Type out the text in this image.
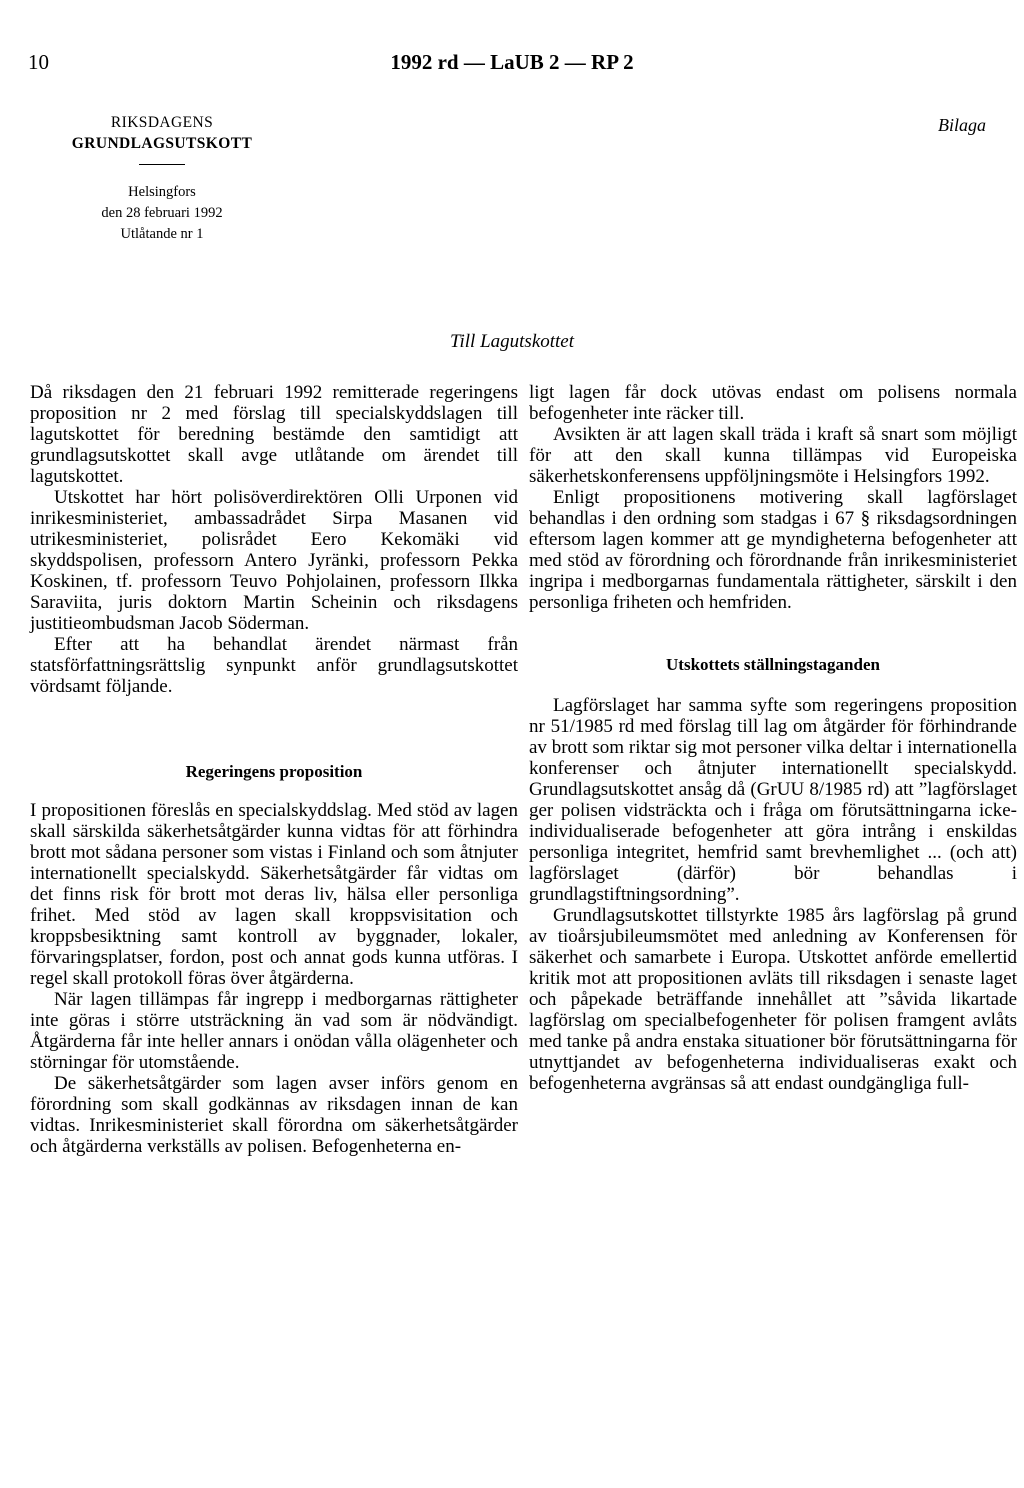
10	1992 rd — LaUB 2 — RP 2
RIKSDAGENS
GRUNDLAGSUTSKOTT
Helsingfors
den 28 februari 1992
Utlåtande nr 1
Bilaga
Till Lagutskottet

Då riksdagen den 21 februari 1992 remitterade regeringens proposition nr 2 med förslag till specialskyddslagen till lagutskottet för beredning bestämde den samtidigt att grundlagsutskottet skall avge utlåtande om ärendet till lagutskottet.

Utskottet har hört polisöverdirektören Olli Urponen vid inrikesministeriet, ambassadrådet Sirpa Masanen vid utrikesministeriet, polisrådet Eero Kekomäki vid skyddspolisen, professorn Antero Jyränki, professorn Pekka Koskinen, tf. professorn Teuvo Pohjolainen, professorn Ilkka Saraviita, juris doktorn Martin Scheinin och riksdagens justitieombudsman Jacob Söderman.

Efter att ha behandlat ärendet närmast från statsförfattningsrättslig synpunkt anför grundlagsutskottet vördsamt följande.

Regeringens proposition

I propositionen föreslås en specialskyddslag. Med stöd av lagen skall särskilda säkerhetsåtgärder kunna vidtas för att förhindra brott mot sådana personer som vistas i Finland och som åtnjuter internationellt specialskydd. Säkerhetsåtgärder får vidtas om det finns risk för brott mot deras liv, hälsa eller personliga frihet. Med stöd av lagen skall kroppsvisitation och kroppsbesiktning samt kontroll av byggnader, lokaler, förvaringsplatser, fordon, post och annat gods kunna utföras. I regel skall protokoll föras över åtgärderna.

När lagen tillämpas får ingrepp i medborgarnas rättigheter inte göras i större utsträckning än vad som är nödvändigt. Åtgärderna får inte heller annars i onödan vålla olägenheter och störningar för utomstående.

De säkerhetsåtgärder som lagen avser införs genom en förordning som skall godkännas av riksdagen innan de kan vidtas. Inrikesministeriet skall förordna om säkerhetsåtgärder och åtgärderna verkställs av polisen. Befogenheterna en-

ligt lagen får dock utövas endast om polisens normala befogenheter inte räcker till.

Avsikten är att lagen skall träda i kraft så snart som möjligt för att den skall kunna tillämpas vid Europeiska säkerhetskonferensens uppföljningsmöte i Helsingfors 1992.

Enligt propositionens motivering skall lagförslaget behandlas i den ordning som stadgas i 67 § riksdagsordningen eftersom lagen kommer att ge myndigheterna befogenheter att med stöd av förordning och förordnande från inrikesministeriet ingripa i medborgarnas fundamentala rättigheter, särskilt i den personliga friheten och hemfriden.

Utskottets ställningstaganden

Lagförslaget har samma syfte som regeringens proposition nr 51/1985 rd med förslag till lag om åtgärder för förhindrande av brott som riktar sig mot personer vilka deltar i internationella konferenser och åtnjuter internationellt specialskydd. Grundlagsutskottet ansåg då (GrUU 8/1985 rd) att ”lagförslaget ger polisen vidsträckta och i fråga om förutsättningarna icke-individualiserade befogenheter att göra intrång i enskildas personliga integritet, hemfrid samt brevhemlighet ... (och att) lagförslaget (därför) bör behandlas i grundlagstiftningsordning”.

Grundlagsutskottet tillstyrkte 1985 års lagförslag på grund av tioårsjubileumsmötet med anledning av Konferensen för säkerhet och samarbete i Europa. Utskottet anförde emellertid kritik mot att propositionen avläts till riksdagen i senaste laget och påpekade beträffande innehållet att ”såvida likartade lagförslag om specialbefogenheter för polisen framgent avlåts med tanke på andra enstaka situationer bör förutsättningarna för utnyttjandet av befogenheterna individualiseras exakt och befogenheterna avgränsas så att endast oundgängliga full-
